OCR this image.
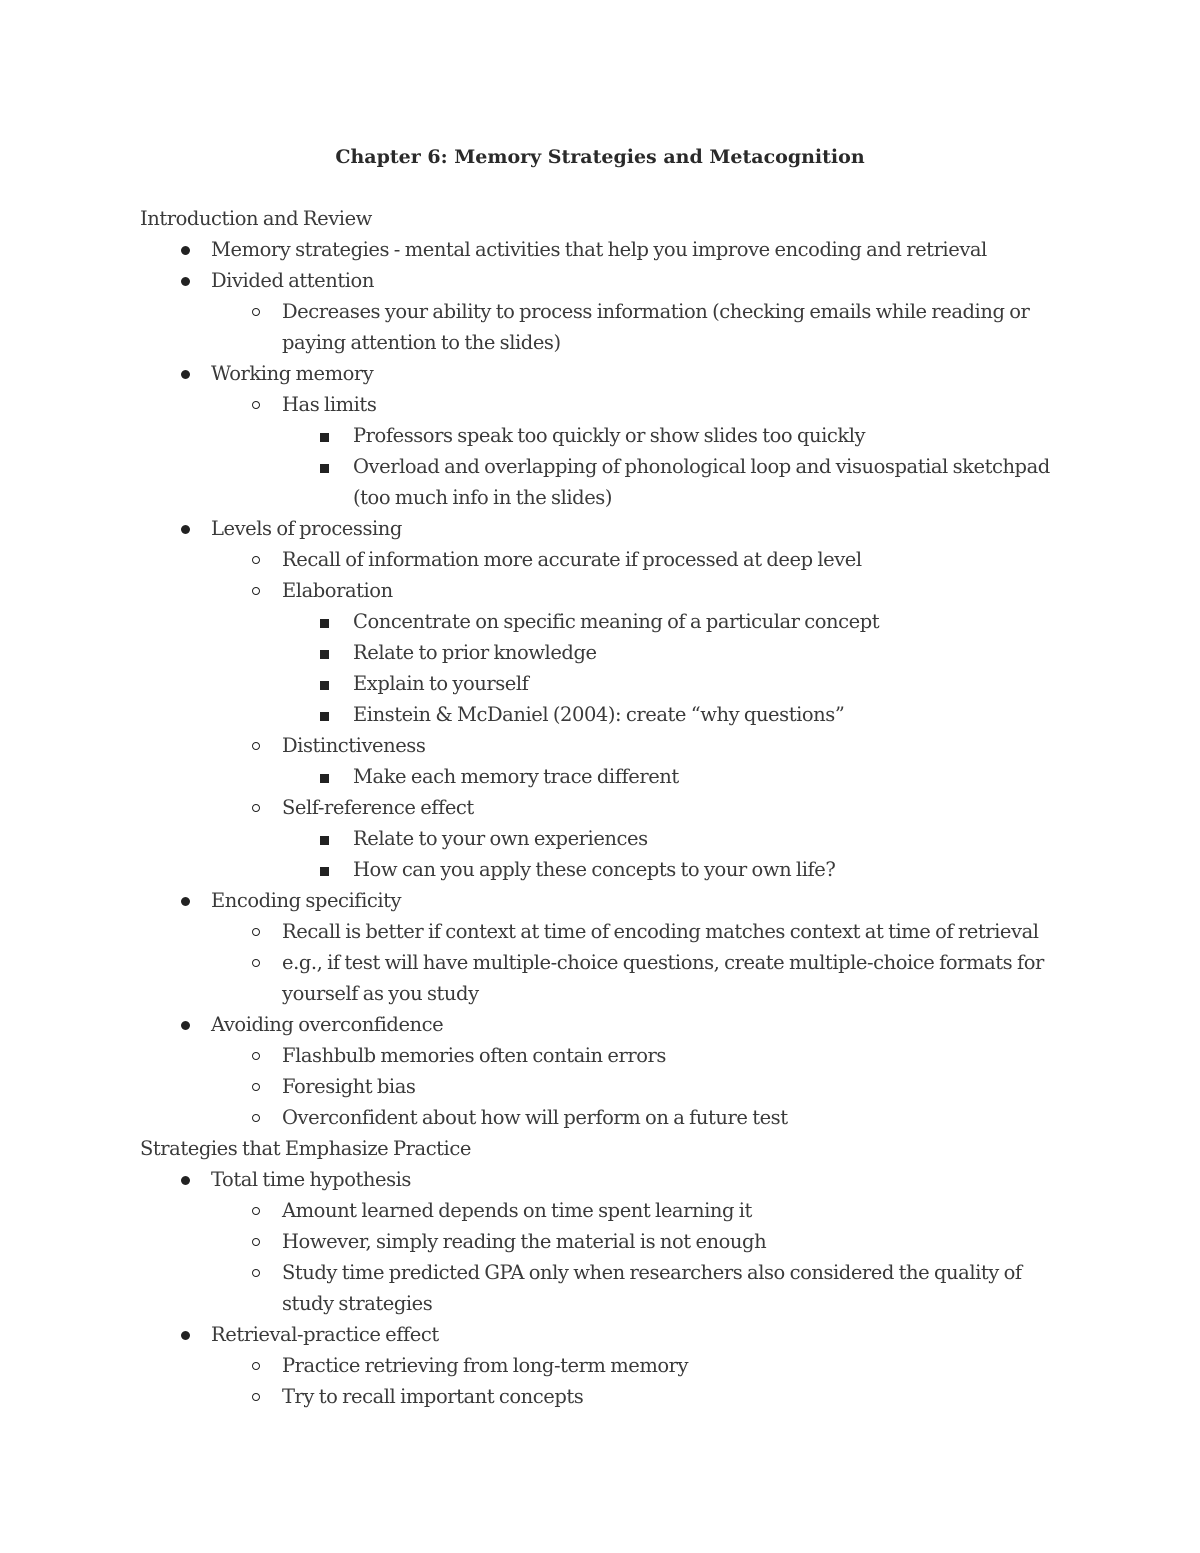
Chapter 6: Memory Strategies and Metacognition
Introduction and Review
Memory strategies - mental activities that help you improve encoding and retrieval
Divided attention
Decreases your ability to process information (checking emails while reading or
paying attention to the slides)
Working memory
Has limits
Professors speak too quickly or show slides too quickly
Overload and overlapping of phonological loop and visuospatial sketchpad
(too much info in the slides)
Levels of processing
Recall of information more accurate if processed at deep level
Elaboration
Concentrate on specific meaning of a particular concept
Relate to prior knowledge
Explain to yourself
Einstein & McDaniel (2004): create “why questions”
Distinctiveness
Make each memory trace different
Self-reference effect
Relate to your own experiences
How can you apply these concepts to your own life?
Encoding specificity
Recall is better if context at time of encoding matches context at time of retrieval
e.g., if test will have multiple-choice questions, create multiple-choice formats for
yourself as you study
Avoiding overconfidence
Flashbulb memories often contain errors
Foresight bias
Overconfident about how will perform on a future test
Strategies that Emphasize Practice
Total time hypothesis
Amount learned depends on time spent learning it
However, simply reading the material is not enough
Study time predicted GPA only when researchers also considered the quality of
study strategies
Retrieval-practice effect
Practice retrieving from long-term memory
Try to recall important concepts
